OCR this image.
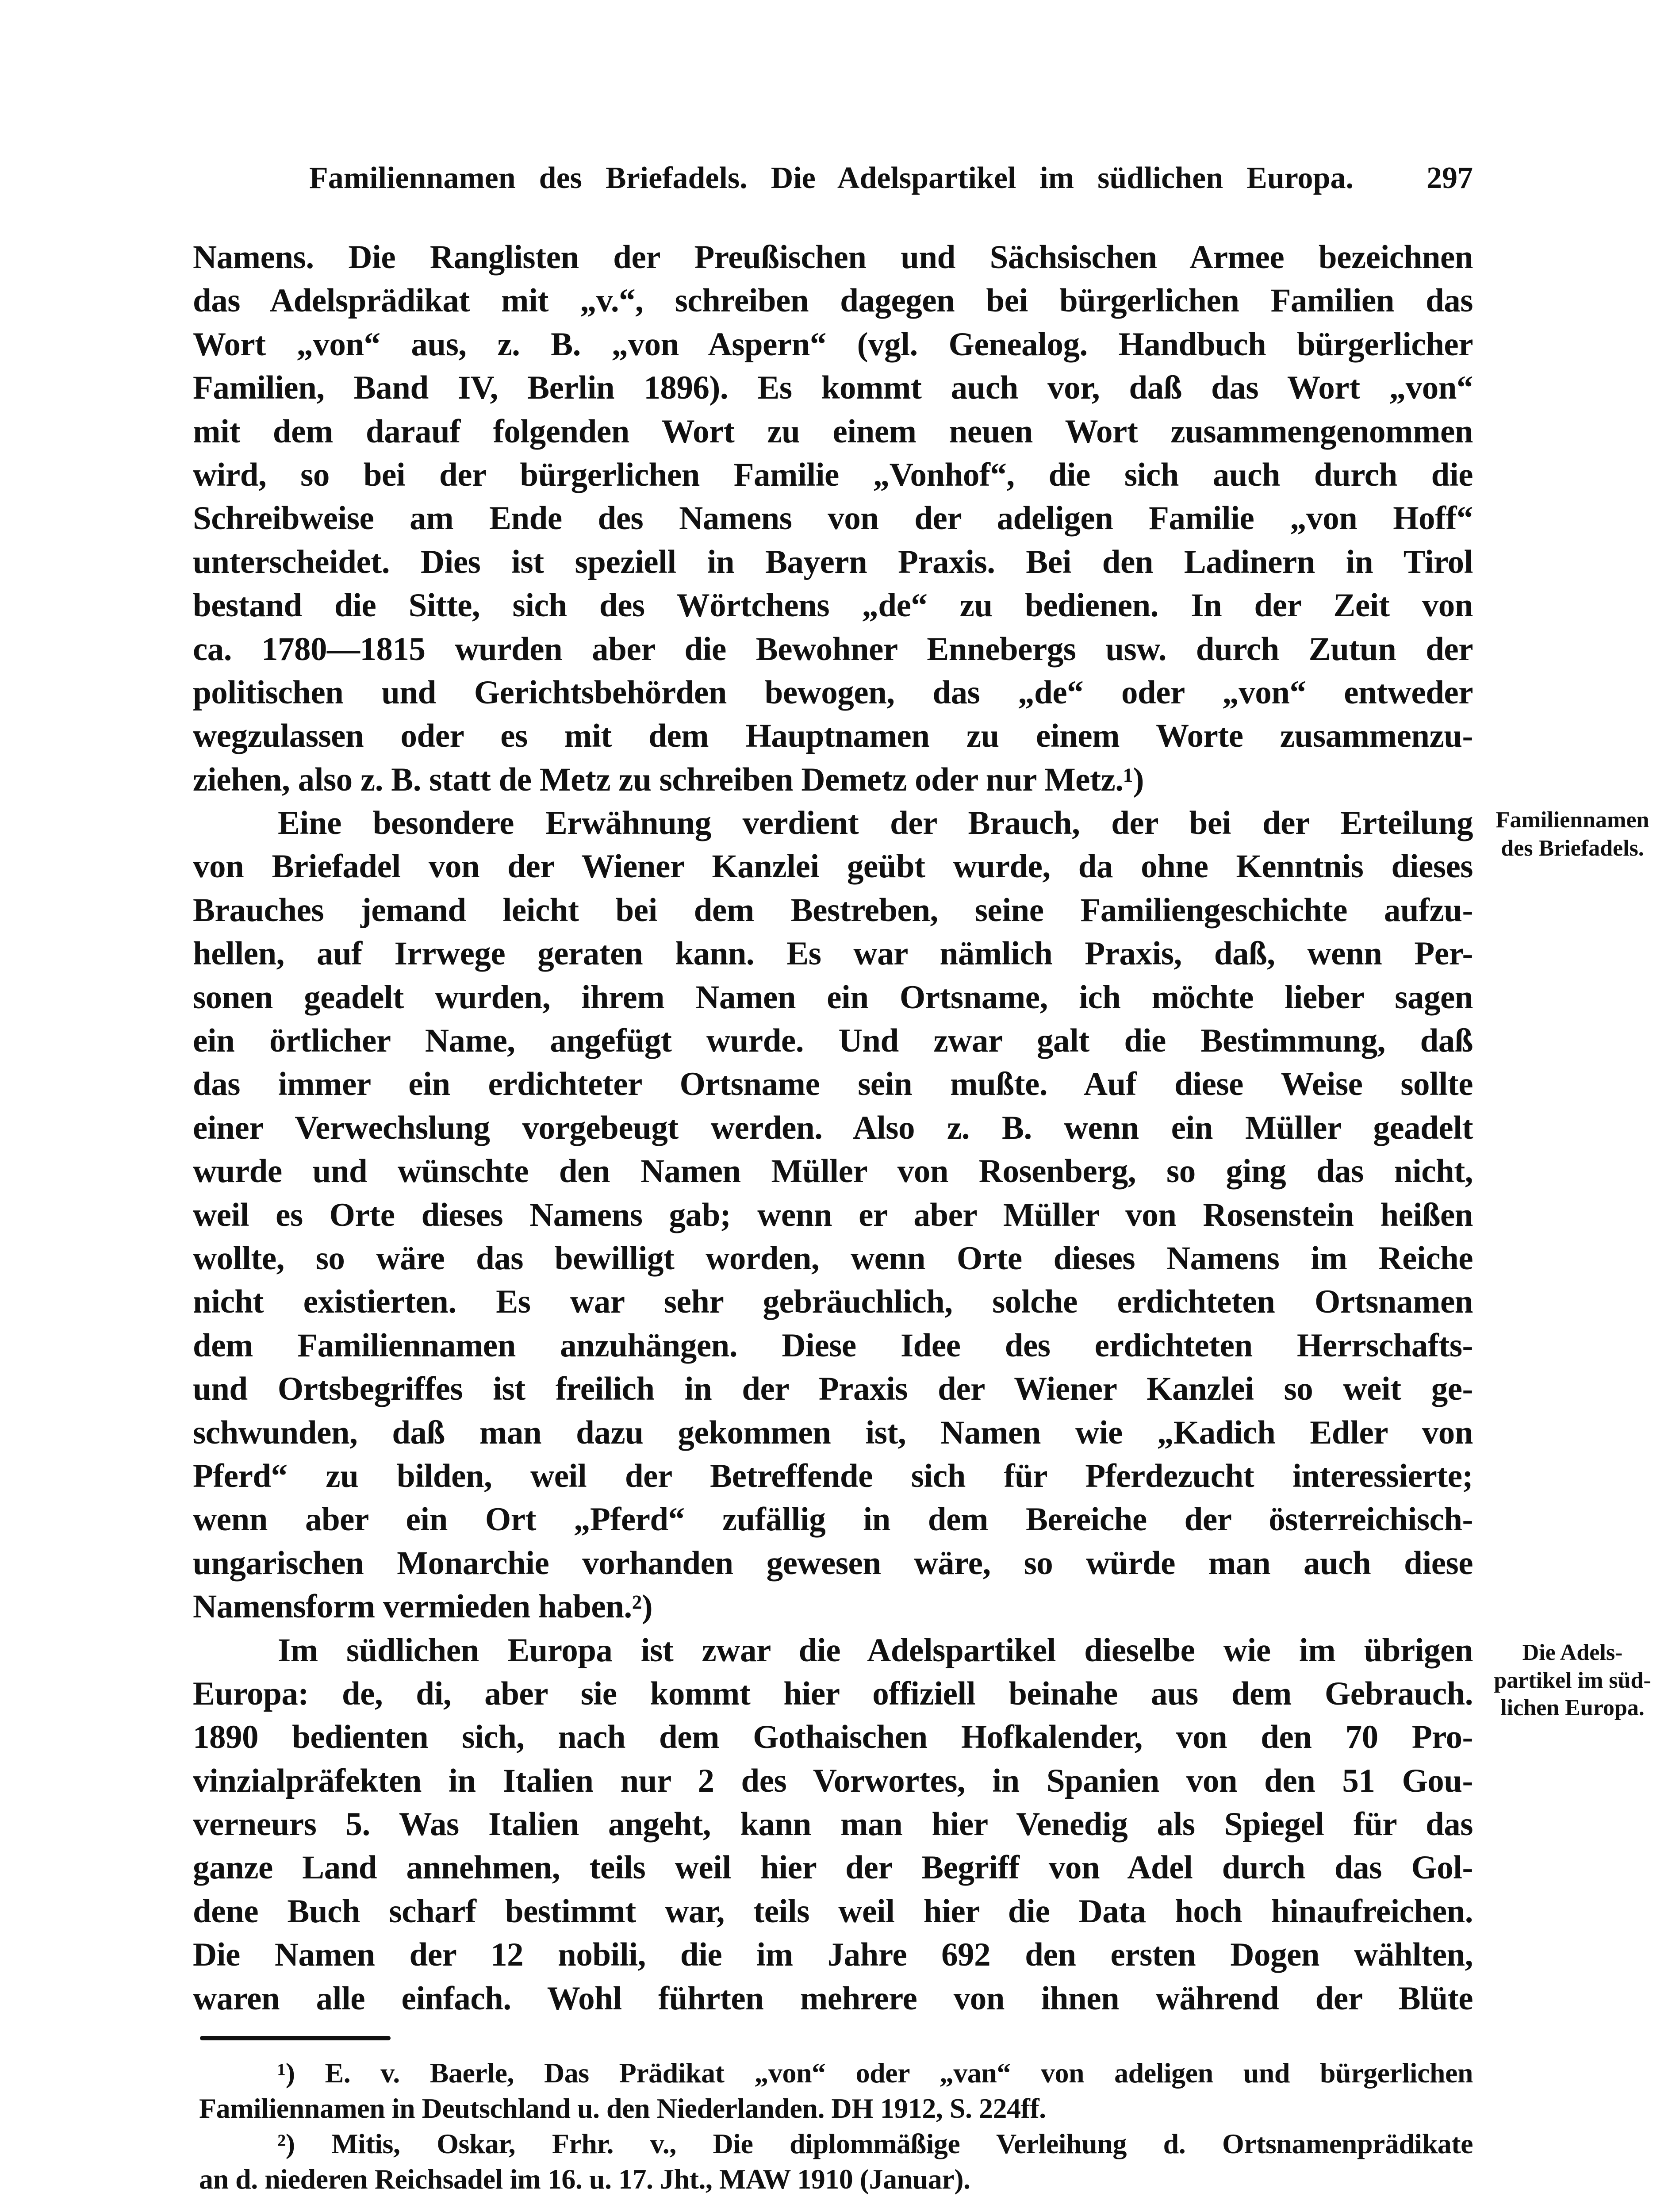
Familiennamen des Briefadels. Die Adelspartikel im südlichen Europa. 297
Namens. Die Ranglisten der Preußischen und Sächsischen Armee bezeichnen
das Adelsprädikat mit „v.“, schreiben dagegen bei bürgerlichen Familien das
Wort „von“ aus, z. B. „von Aspern“ (vgl. Genealog. Handbuch bürgerlicher
Familien, Band IV, Berlin 1896). Es kommt auch vor, daß das Wort „von“
mit dem darauf folgenden Wort zu einem neuen Wort zusammengenommen
wird, so bei der bürgerlichen Familie „Vonhof“, die sich auch durch die
Schreibweise am Ende des Namens von der adeligen Familie „von Hoff“
unterscheidet. Dies ist speziell in Bayern Praxis. Bei den Ladinern in Tirol
bestand die Sitte, sich des Wörtchens „de“ zu bedienen. In der Zeit von
ca. 1780—1815 wurden aber die Bewohner Ennebergs usw. durch Zutun der
politischen und Gerichtsbehörden bewogen, das „de“ oder „von“ entweder
wegzulassen oder es mit dem Hauptnamen zu einem Worte zusammenzu-
ziehen, also z. B. statt de Metz zu schreiben Demetz oder nur Metz.¹)
Eine besondere Erwähnung verdient der Brauch, der bei der Erteilung
von Briefadel von der Wiener Kanzlei geübt wurde, da ohne Kenntnis dieses
Brauches jemand leicht bei dem Bestreben, seine Familiengeschichte aufzu-
hellen, auf Irrwege geraten kann. Es war nämlich Praxis, daß, wenn Per-
sonen geadelt wurden, ihrem Namen ein Ortsname, ich möchte lieber sagen
ein örtlicher Name, angefügt wurde. Und zwar galt die Bestimmung, daß
das immer ein erdichteter Ortsname sein mußte. Auf diese Weise sollte
einer Verwechslung vorgebeugt werden. Also z. B. wenn ein Müller geadelt
wurde und wünschte den Namen Müller von Rosenberg, so ging das nicht,
weil es Orte dieses Namens gab; wenn er aber Müller von Rosenstein heißen
wollte, so wäre das bewilligt worden, wenn Orte dieses Namens im Reiche
nicht existierten. Es war sehr gebräuchlich, solche erdichteten Ortsnamen
dem Familiennamen anzuhängen. Diese Idee des erdichteten Herrschafts-
und Ortsbegriffes ist freilich in der Praxis der Wiener Kanzlei so weit ge-
schwunden, daß man dazu gekommen ist, Namen wie „Kadich Edler von
Pferd“ zu bilden, weil der Betreffende sich für Pferdezucht interessierte;
wenn aber ein Ort „Pferd“ zufällig in dem Bereiche der österreichisch-
ungarischen Monarchie vorhanden gewesen wäre, so würde man auch diese
Namensform vermieden haben.²)
Im südlichen Europa ist zwar die Adelspartikel dieselbe wie im übrigen
Europa: de, di, aber sie kommt hier offiziell beinahe aus dem Gebrauch.
1890 bedienten sich, nach dem Gothaischen Hofkalender, von den 70 Pro-
vinzialpräfekten in Italien nur 2 des Vorwortes, in Spanien von den 51 Gou-
verneurs 5. Was Italien angeht, kann man hier Venedig als Spiegel für das
ganze Land annehmen, teils weil hier der Begriff von Adel durch das Gol-
dene Buch scharf bestimmt war, teils weil hier die Data hoch hinaufreichen.
Die Namen der 12 nobili, die im Jahre 692 den ersten Dogen wählten,
waren alle einfach. Wohl führten mehrere von ihnen während der Blüte
Familiennamen
des Briefadels.
Die Adels-
partikel im süd-
lichen Europa.
¹) E. v. Baerle, Das Prädikat „von“ oder „van“ von adeligen und bürgerlichen
Familiennamen in Deutschland u. den Niederlanden. DH 1912, S. 224ff.
²) Mitis, Oskar, Frhr. v., Die diplommäßige Verleihung d. Ortsnamenprädikate
an d. niederen Reichsadel im 16. u. 17. Jht., MAW 1910 (Januar).
